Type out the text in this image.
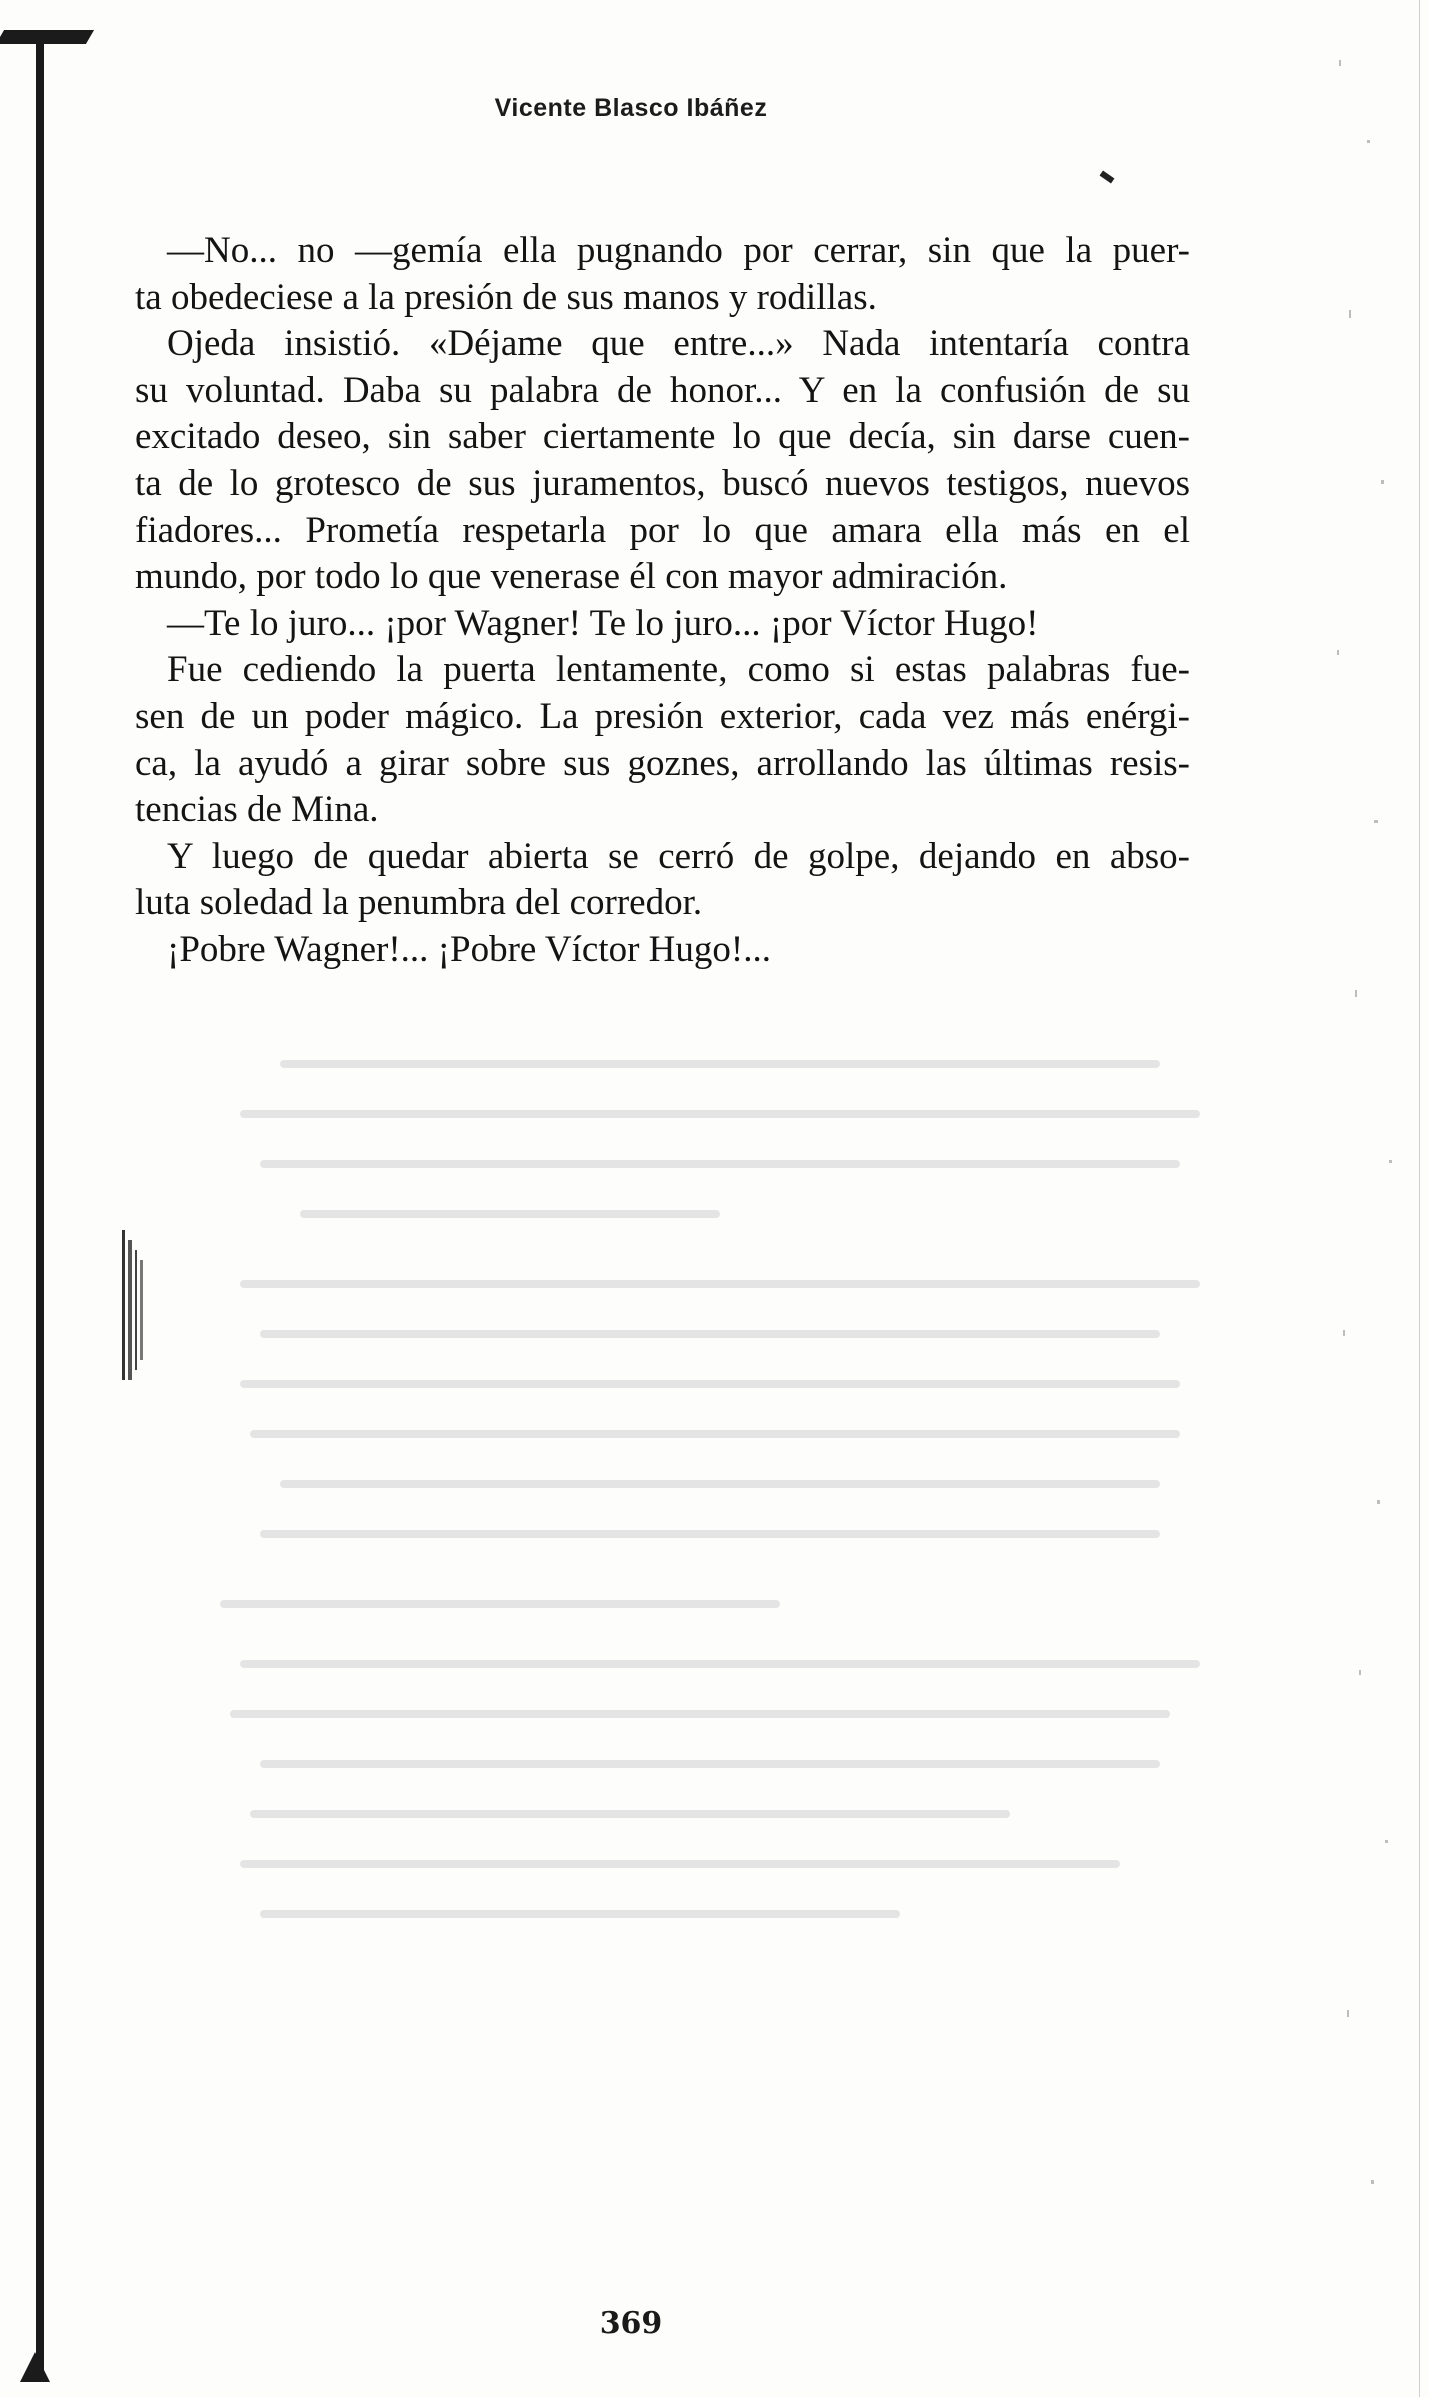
Vicente Blasco Ibáñez
—No... no —gemía ella pugnando por cerrar, sin que la puer-
ta obedeciese a la presión de sus manos y rodillas.
Ojeda insistió. «Déjame que entre...» Nada intentaría contra
su voluntad. Daba su palabra de honor... Y en la confusión de su
excitado deseo, sin saber ciertamente lo que decía, sin darse cuen-
ta de lo grotesco de sus juramentos, buscó nuevos testigos, nuevos
fiadores... Prometía respetarla por lo que amara ella más en el
mundo, por todo lo que venerase él con mayor admiración.
—Te lo juro... ¡por Wagner! Te lo juro... ¡por Víctor Hugo!
Fue cediendo la puerta lentamente, como si estas palabras fue-
sen de un poder mágico. La presión exterior, cada vez más enérgi-
ca, la ayudó a girar sobre sus goznes, arrollando las últimas resis-
tencias de Mina.
Y luego de quedar abierta se cerró de golpe, dejando en abso-
luta soledad la penumbra del corredor.
¡Pobre Wagner!... ¡Pobre Víctor Hugo!...
369
